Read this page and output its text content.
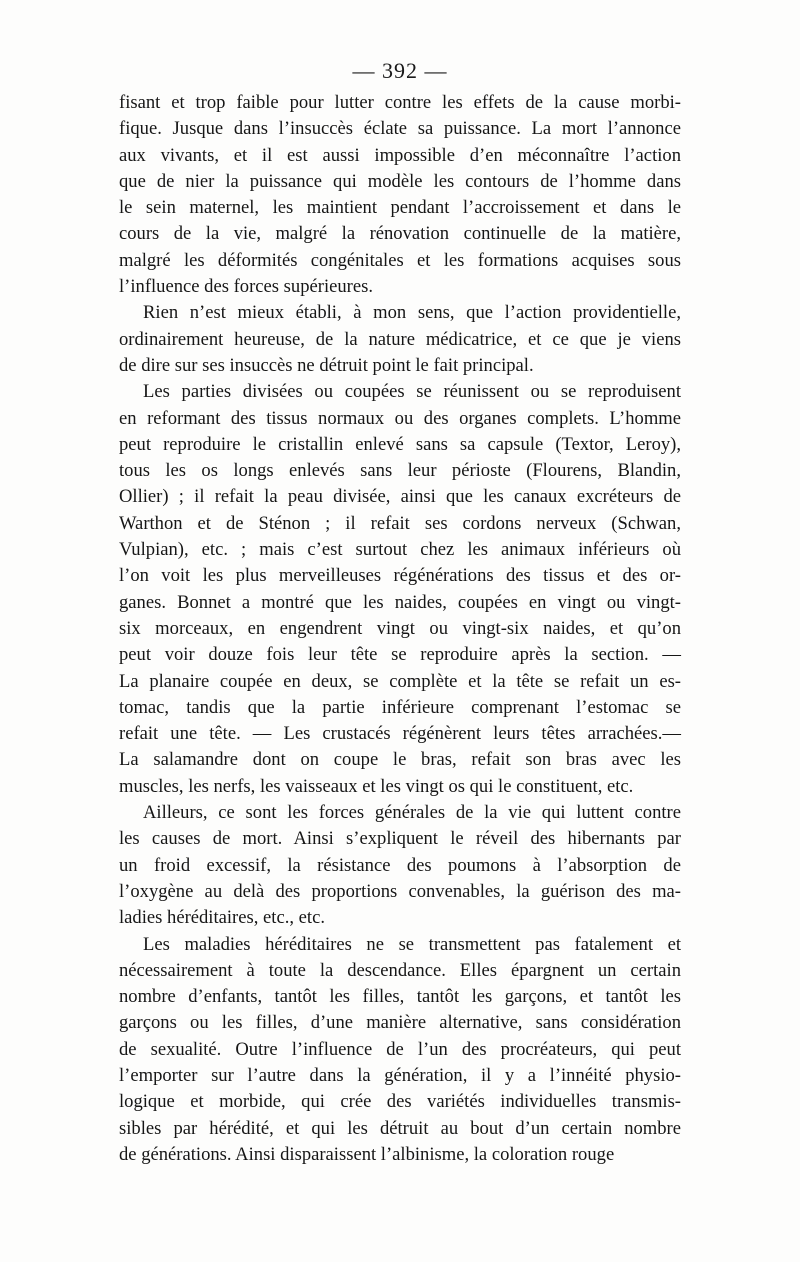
— 392 —
fisant et trop faible pour lutter contre les effets de la cause morbi-
fique. Jusque dans l’insuccès éclate sa puissance. La mort l’annonce
aux vivants, et il est aussi impossible d’en méconnaître l’action
que de nier la puissance qui modèle les contours de l’homme dans
le sein maternel, les maintient pendant l’accroissement et dans le
cours de la vie, malgré la rénovation continuelle de la matière,
malgré les déformités congénitales et les formations acquises sous
l’influence des forces supérieures.
Rien n’est mieux établi, à mon sens, que l’action providentielle,
ordinairement heureuse, de la nature médicatrice, et ce que je viens
de dire sur ses insuccès ne détruit point le fait principal.
Les parties divisées ou coupées se réunissent ou se reproduisent
en reformant des tissus normaux ou des organes complets. L’homme
peut reproduire le cristallin enlevé sans sa capsule (Textor, Leroy),
tous les os longs enlevés sans leur périoste (Flourens, Blandin,
Ollier) ; il refait la peau divisée, ainsi que les canaux excréteurs de
Warthon et de Sténon ; il refait ses cordons nerveux (Schwan,
Vulpian), etc. ; mais c’est surtout chez les animaux inférieurs où
l’on voit les plus merveilleuses régénérations des tissus et des or-
ganes. Bonnet a montré que les naides, coupées en vingt ou vingt-
six morceaux, en engendrent vingt ou vingt-six naides, et qu’on
peut voir douze fois leur tête se reproduire après la section. —
La planaire coupée en deux, se complète et la tête se refait un es-
tomac, tandis que la partie inférieure comprenant l’estomac se
refait une tête. — Les crustacés régénèrent leurs têtes arrachées.—
La salamandre dont on coupe le bras, refait son bras avec les
muscles, les nerfs, les vaisseaux et les vingt os qui le constituent, etc.
Ailleurs, ce sont les forces générales de la vie qui luttent contre
les causes de mort. Ainsi s’expliquent le réveil des hibernants par
un froid excessif, la résistance des poumons à l’absorption de
l’oxygène au delà des proportions convenables, la guérison des ma-
ladies héréditaires, etc., etc.
Les maladies héréditaires ne se transmettent pas fatalement et
nécessairement à toute la descendance. Elles épargnent un certain
nombre d’enfants, tantôt les filles, tantôt les garçons, et tantôt les
garçons ou les filles, d’une manière alternative, sans considération
de sexualité. Outre l’influence de l’un des procréateurs, qui peut
l’emporter sur l’autre dans la génération, il y a l’innéité physio-
logique et morbide, qui crée des variétés individuelles transmis-
sibles par hérédité, et qui les détruit au bout d’un certain nombre
de générations. Ainsi disparaissent l’albinisme, la coloration rouge
